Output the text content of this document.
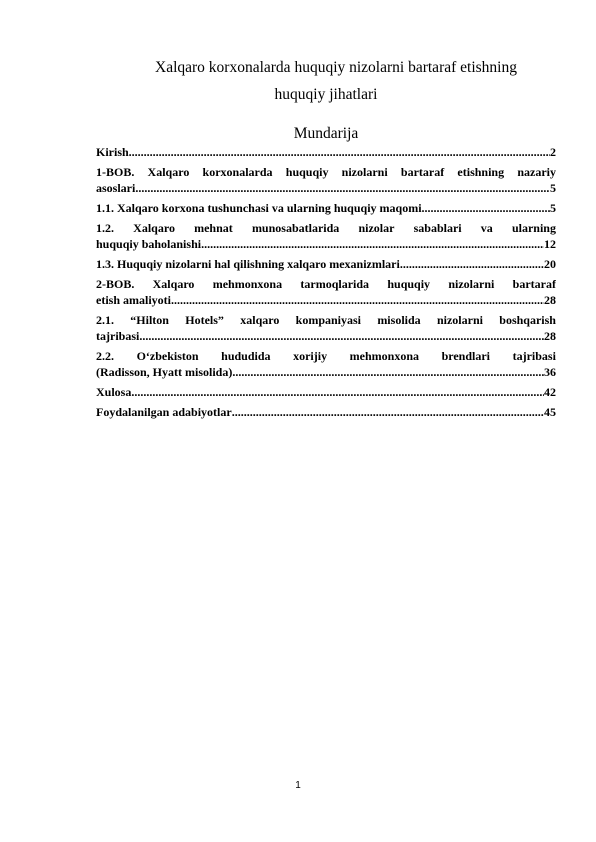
Xalqaro korxonalarda huquqiy nizolarni bartaraf etishning
huquqiy jihatlari
Mundarija
Kirish .....	2
1-BOB. Xalqaro korxonalarda huquqiy nizolarni bartaraf etishning nazariy
asoslari .....	5
1.1. Xalqaro korxona tushunchasi va ularning huquqiy maqomi .....	5
1.2. Xalqaro mehnat munosabatlarida nizolar sabablari va ularning
huquqiy baholanishi .....	12
1.3. Huquqiy nizolarni hal qilishning xalqaro mexanizmlari .....	20
2-BOB. Xalqaro mehmonxona tarmoqlarida huquqiy nizolarni bartaraf
etish amaliyoti .....	28
2.1. “Hilton Hotels” xalqaro kompaniyasi misolida nizolarni boshqarish
tajribasi .....	28
2.2. O‘zbekiston hududida xorijiy mehmonxona brendlari tajribasi
(Radisson, Hyatt misolida) .....	36
Xulosa .....	42
Foydalanilgan adabiyotlar .....	45
1
